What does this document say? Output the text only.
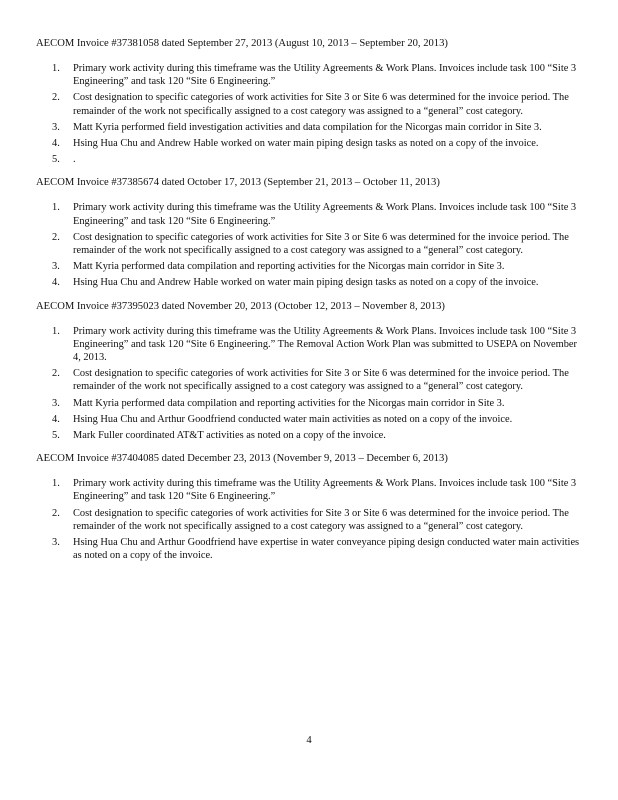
AECOM Invoice #37381058 dated September 27, 2013 (August 10, 2013 – September 20, 2013)

1. Primary work activity during this timeframe was the Utility Agreements & Work Plans. Invoices include task 100 “Site 3 Engineering” and task 120 “Site 6 Engineering.”
2. Cost designation to specific categories of work activities for Site 3 or Site 6 was determined for the invoice period. The remainder of the work not specifically assigned to a cost category was assigned to a “general” cost category.
3. Matt Kyria performed field investigation activities and data compilation for the Nicorgas main corridor in Site 3.
4. Hsing Hua Chu and Andrew Hable worked on water main piping design tasks as noted on a copy of the invoice.
5. .

AECOM Invoice #37385674 dated October 17, 2013 (September 21, 2013 – October 11, 2013)

1. Primary work activity during this timeframe was the Utility Agreements & Work Plans. Invoices include task 100 “Site 3 Engineering” and task 120 “Site 6 Engineering.”
2. Cost designation to specific categories of work activities for Site 3 or Site 6 was determined for the invoice period. The remainder of the work not specifically assigned to a cost category was assigned to a “general” cost category.
3. Matt Kyria performed data compilation and reporting activities for the Nicorgas main corridor in Site 3.
4. Hsing Hua Chu and Andrew Hable worked on water main piping design tasks as noted on a copy of the invoice.

AECOM Invoice #37395023 dated November 20, 2013 (October 12, 2013 – November 8, 2013)

1. Primary work activity during this timeframe was the Utility Agreements & Work Plans. Invoices include task 100 “Site 3 Engineering” and task 120 “Site 6 Engineering.” The Removal Action Work Plan was submitted to USEPA on November 4, 2013.
2. Cost designation to specific categories of work activities for Site 3 or Site 6 was determined for the invoice period. The remainder of the work not specifically assigned to a cost category was assigned to a “general” cost category.
3. Matt Kyria performed data compilation and reporting activities for the Nicorgas main corridor in Site 3.
4. Hsing Hua Chu and Arthur Goodfriend conducted water main activities as noted on a copy of the invoice.
5. Mark Fuller coordinated AT&T activities as noted on a copy of the invoice.

AECOM Invoice #37404085 dated December 23, 2013 (November 9, 2013 – December 6, 2013)

1. Primary work activity during this timeframe was the Utility Agreements & Work Plans. Invoices include task 100 “Site 3 Engineering” and task 120 “Site 6 Engineering.”
2. Cost designation to specific categories of work activities for Site 3 or Site 6 was determined for the invoice period. The remainder of the work not specifically assigned to a cost category was assigned to a “general” cost category.
3. Hsing Hua Chu and Arthur Goodfriend have expertise in water conveyance piping design conducted water main activities as noted on a copy of the invoice.
4
